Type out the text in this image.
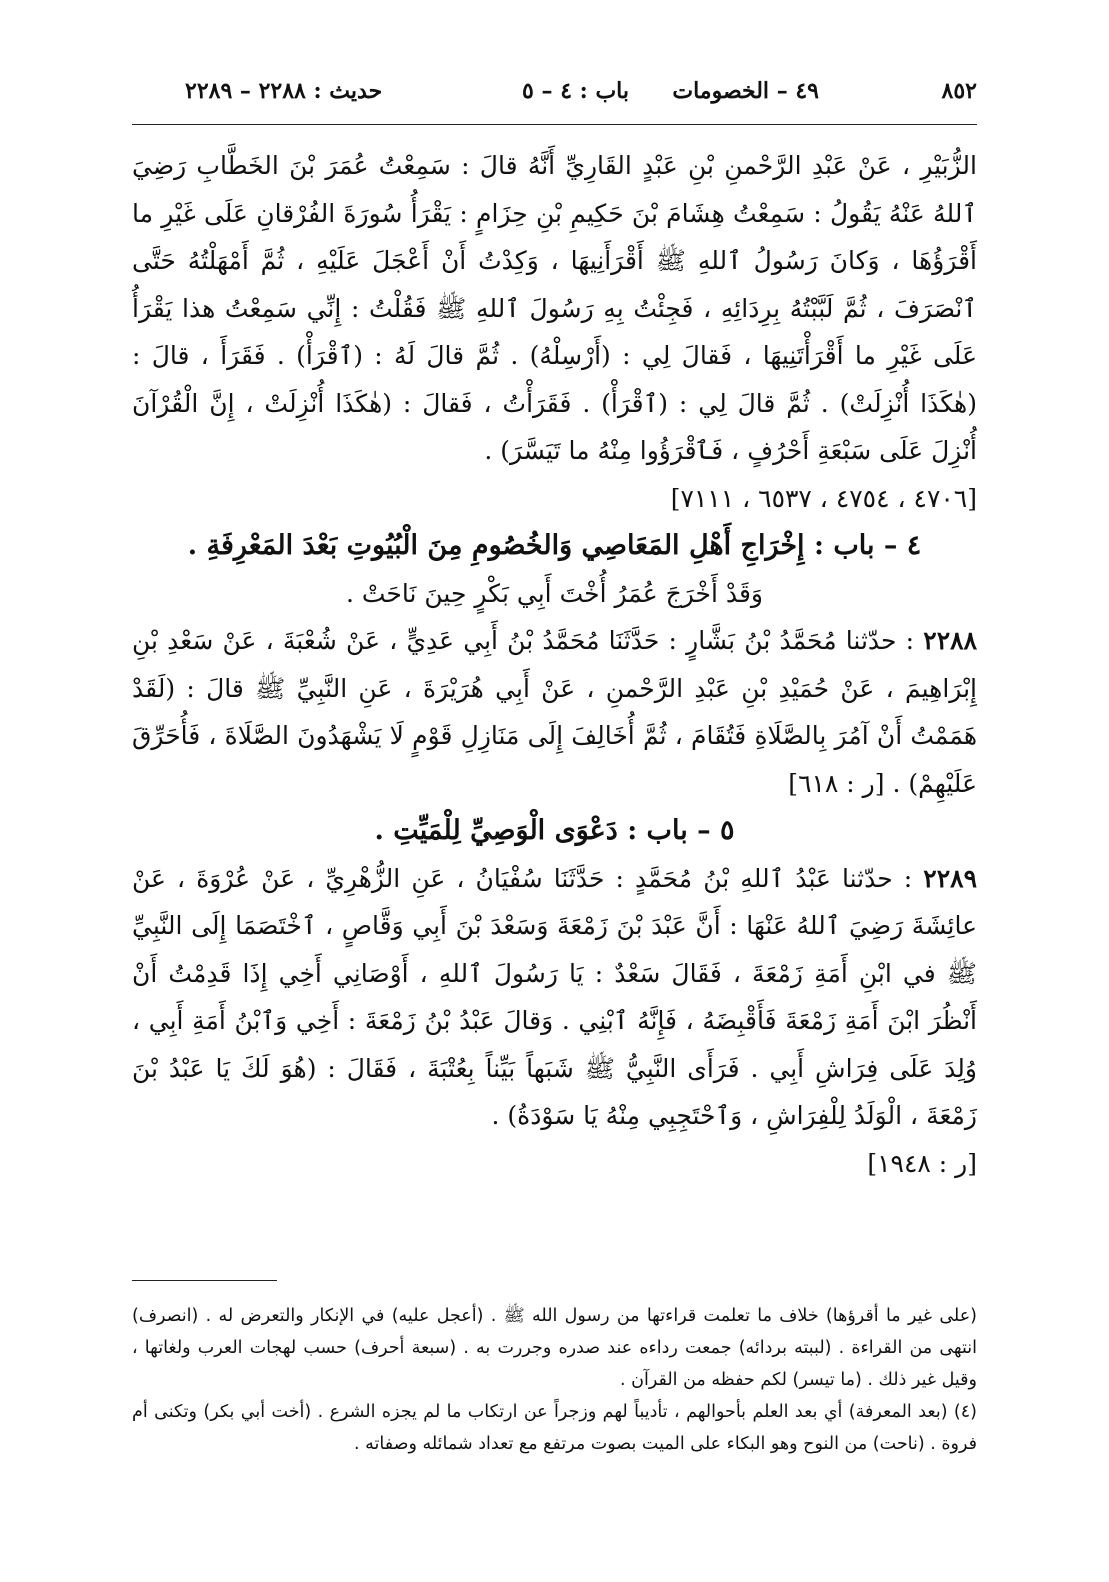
٨٥٢
٤٩ – الخصومات
باب : ٤ – ٥
حديث : ٢٢٨٨ – ٢٢٨٩

الزُّبَيْرِ ، عَنْ عَبْدِ الرَّحْمنِ بْنِ عَبْدٍ القَارِيِّ أَنَّهُ قالَ : سَمِعْتُ عُمَرَ بْنَ الخَطَّابِ رَضِيَ ٱللهُ عَنْهُ يَقُولُ : سَمِعْتُ هِشَامَ بْنَ حَكِيمِ بْنِ حِزَامٍ : يَقْرَأُ سُورَةَ الفُرْقانِ عَلَى غَيْرِ ما أَقْرَؤُهَا ، وَكانَ رَسُولُ ٱللهِ ﷺ أَقْرَأَنِيهَا ، وَكِدْتُ أَنْ أَعْجَلَ عَلَيْهِ ، ثُمَّ أَمْهَلْتُهُ حَتَّى ٱنْصَرَفَ ، ثُمَّ لَبَّبْتُهُ بِرِدَائِهِ ، فَجِئْتُ بِهِ رَسُولَ ٱللهِ ﷺ فَقُلْتُ : إِنِّي سَمِعْتُ هذا يَقْرَأُ عَلَى غَيْرِ ما أَقْرَأْتَنِيهَا ، فَقالَ لِي : (أَرْسِلْهُ) . ثُمَّ قالَ لَهُ : (ٱقْرَأْ) . فَقَرَأَ ، قالَ : (هٰكَذَا أُنْزِلَتْ) . ثُمَّ قالَ لِي : (ٱقْرَأْ) . فَقَرَأْتُ ، فَقالَ : (هٰكَذَا أُنْزِلَتْ ، إِنَّ الْقُرْآنَ أُنْزِلَ عَلَى سَبْعَةِ أَحْرُفٍ ، فَٱقْرَؤُوا مِنْهُ ما تَيَسَّرَ) .

[٤٧٠٦ ، ٤٧٥٤ ، ٦٥٣٧ ، ٧١١١]

٤ – باب : إِخْرَاجِ أَهْلِ المَعَاصِي وَالخُصُومِ مِنَ الْبُيُوتِ بَعْدَ المَعْرِفَةِ .

وَقَدْ أَخْرَجَ عُمَرُ أُخْتَ أَبِي بَكْرٍ حِينَ نَاحَتْ .

٢٢٨٨ : حدّثنا مُحَمَّدُ بْنُ بَشَّارٍ : حَدَّثَنَا مُحَمَّدُ بْنُ أَبِي عَدِيٍّ ، عَنْ شُعْبَةَ ، عَنْ سَعْدِ بْنِ إِبْرَاهِيمَ ، عَنْ حُمَيْدِ بْنِ عَبْدِ الرَّحْمنِ ، عَنْ أَبِي هُرَيْرَةَ ، عَنِ النَّبِيِّ ﷺ قالَ : (لَقَدْ هَمَمْتُ أَنْ آمُرَ بِالصَّلَاةِ فَتُقَامَ ، ثُمَّ أُخَالِفَ إِلَى مَنَازِلِ قَوْمٍ لَا يَشْهَدُونَ الصَّلَاةَ ، فَأُحَرِّقَ عَلَيْهِمْ) . [ر : ٦١٨]

٥ – باب : دَعْوَى الْوَصِيِّ لِلْمَيِّتِ .

٢٢٨٩ : حدّثنا عَبْدُ ٱللهِ بْنُ مُحَمَّدٍ : حَدَّثَنَا سُفْيَانُ ، عَنِ الزُّهْرِيِّ ، عَنْ عُرْوَةَ ، عَنْ عائِشَةَ رَضِيَ ٱللهُ عَنْهَا : أَنَّ عَبْدَ بْنَ زَمْعَةَ وَسَعْدَ بْنَ أَبِي وَقَّاصٍ ، ٱخْتَصَمَا إِلَى النَّبِيِّ ﷺ في ابْنِ أَمَةِ زَمْعَةَ ، فَقَالَ سَعْدٌ : يَا رَسُولَ ٱللهِ ، أَوْصَانِي أَخِي إِذَا قَدِمْتُ أَنْ أَنْظُرَ ابْنَ أَمَةِ زَمْعَةَ فَأَقْبِضَهُ ، فَإِنَّهُ ٱبْنِي . وَقالَ عَبْدُ بْنُ زَمْعَةَ : أَخِي وَٱبْنُ أَمَةِ أَبِي ، وُلِدَ عَلَى فِرَاشِ أَبِي . فَرَأَى النَّبِيُّ ﷺ شَبَهاً بَيِّناً بِعُتْبَةَ ، فَقَالَ : (هُوَ لَكَ يَا عَبْدُ بْنَ زَمْعَةَ ، الْوَلَدُ لِلْفِرَاشِ ، وَٱحْتَجِبِي مِنْهُ يَا سَوْدَةُ) .

[ر : ١٩٤٨]

(على غير ما أقرؤها) خلاف ما تعلمت قراءتها من رسول الله ﷺ . (أعجل عليه) في الإنكار والتعرض له . (انصرف) انتهى من القراءة . (لببته بردائه) جمعت رداءه عند صدره وجررت به . (سبعة أحرف) حسب لهجات العرب ولغاتها ، وقيل غير ذلك . (ما تيسر) لكم حفظه من القرآن .

(٤) (بعد المعرفة) أي بعد العلم بأحوالهم ، تأديباً لهم وزجراً عن ارتكاب ما لم يجزه الشرع . (أخت أبي بكر) وتكنى أم فروة . (ناحت) من النوح وهو البكاء على الميت بصوت مرتفع مع تعداد شمائله وصفاته .
